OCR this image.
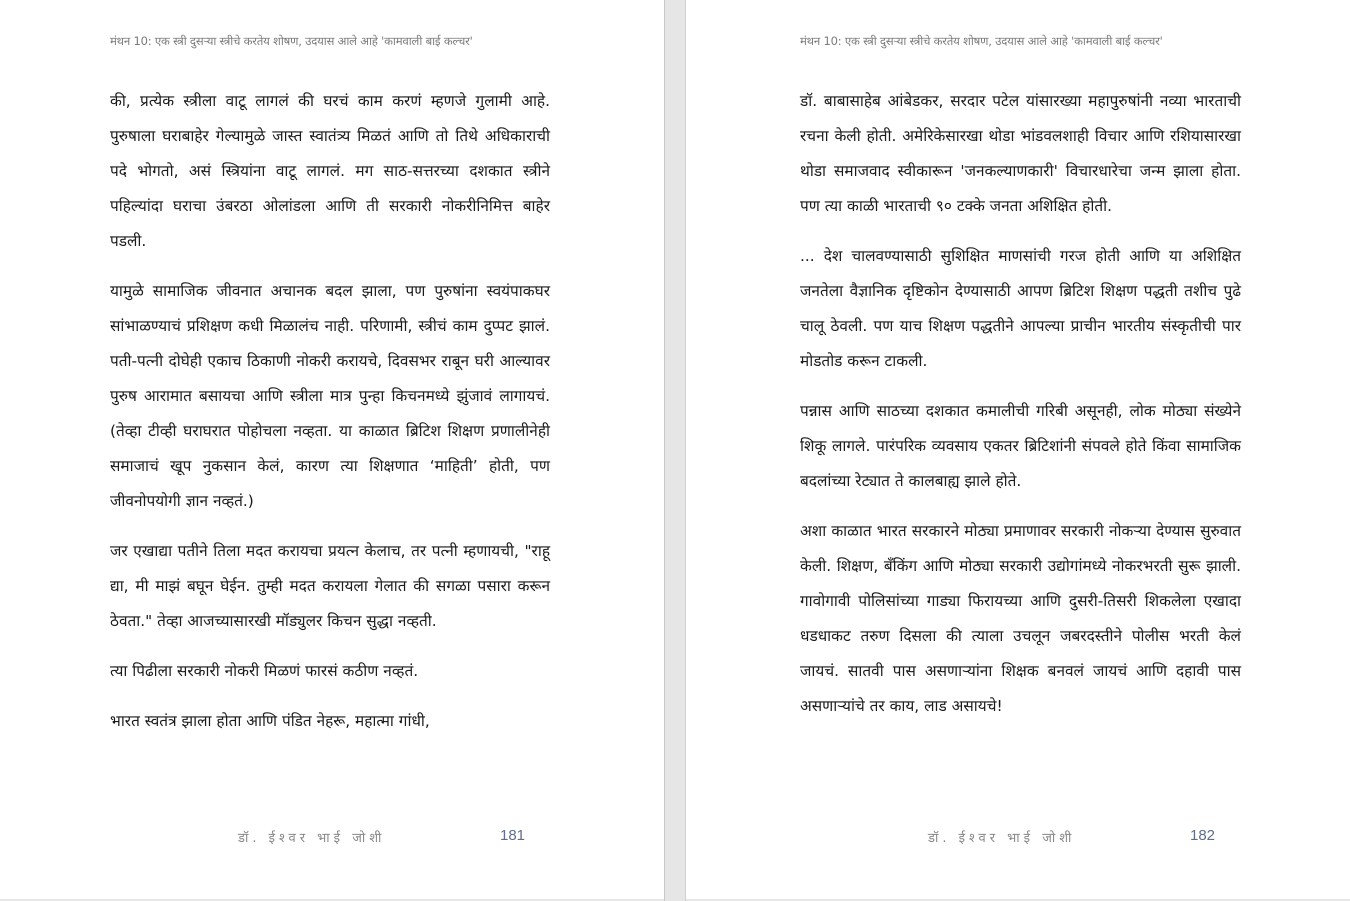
मंथन 10: एक स्त्री दुसऱ्या स्त्रीचे करतेय शोषण, उदयास आले आहे 'कामवाली बाई कल्चर'

की, प्रत्येक स्त्रीला वाटू लागलं की घरचं काम करणं म्हणजे गुलामी आहे. पुरुषाला घराबाहेर गेल्यामुळे जास्त स्वातंत्र्य मिळतं आणि तो तिथे अधिकाराची पदे भोगतो, असं स्त्रियांना वाटू लागलं. मग साठ-सत्तरच्या दशकात स्त्रीने पहिल्यांदा घराचा उंबरठा ओलांडला आणि ती सरकारी नोकरीनिमित्त बाहेर पडली.

यामुळे सामाजिक जीवनात अचानक बदल झाला, पण पुरुषांना स्वयंपाकघर सांभाळण्याचं प्रशिक्षण कधी मिळालंच नाही. परिणामी, स्त्रीचं काम दुप्पट झालं. पती-पत्नी दोघेही एकाच ठिकाणी नोकरी करायचे, दिवसभर राबून घरी आल्यावर पुरुष आरामात बसायचा आणि स्त्रीला मात्र पुन्हा किचनमध्ये झुंजावं लागायचं. (तेव्हा टीव्ही घराघरात पोहोचला नव्हता. या काळात ब्रिटिश शिक्षण प्रणालीनेही समाजाचं खूप नुकसान केलं, कारण त्या शिक्षणात ‘माहिती’ होती, पण जीवनोपयोगी ज्ञान नव्हतं.)

जर एखाद्या पतीने तिला मदत करायचा प्रयत्न केलाच, तर पत्नी म्हणायची, "राहू द्या, मी माझं बघून घेईन. तुम्ही मदत करायला गेलात की सगळा पसारा करून ठेवता." तेव्हा आजच्यासारखी मॉड्युलर किचन सुद्धा नव्हती.

त्या पिढीला सरकारी नोकरी मिळणं फारसं कठीण नव्हतं.

भारत स्वतंत्र झाला होता आणि पंडित नेहरू, महात्मा गांधी,

डॉ. ईश्वर भाई जोशी	181
मंथन 10: एक स्त्री दुसऱ्या स्त्रीचे करतेय शोषण, उदयास आले आहे 'कामवाली बाई कल्चर'

डॉ. बाबासाहेब आंबेडकर, सरदार पटेल यांसारख्या महापुरुषांनी नव्या भारताची रचना केली होती. अमेरिकेसारखा थोडा भांडवलशाही विचार आणि रशियासारखा थोडा समाजवाद स्वीकारून 'जनकल्याणकारी' विचारधारेचा जन्म झाला होता. पण त्या काळी भारताची ९० टक्के जनता अशिक्षित होती.

... देश चालवण्यासाठी सुशिक्षित माणसांची गरज होती आणि या अशिक्षित जनतेला वैज्ञानिक दृष्टिकोन देण्यासाठी आपण ब्रिटिश शिक्षण पद्धती तशीच पुढे चालू ठेवली. पण याच शिक्षण पद्धतीने आपल्या प्राचीन भारतीय संस्कृतीची पार मोडतोड करून टाकली.

पन्नास आणि साठच्या दशकात कमालीची गरिबी असूनही, लोक मोठ्या संख्येने शिकू लागले. पारंपरिक व्यवसाय एकतर ब्रिटिशांनी संपवले होते किंवा सामाजिक बदलांच्या रेट्यात ते कालबाह्य झाले होते.

अशा काळात भारत सरकारने मोठ्या प्रमाणावर सरकारी नोकऱ्या देण्यास सुरुवात केली. शिक्षण, बँकिंग आणि मोठ्या सरकारी उद्योगांमध्ये नोकरभरती सुरू झाली. गावोगावी पोलिसांच्या गाड्या फिरायच्या आणि दुसरी-तिसरी शिकलेला एखादा धडधाकट तरुण दिसला की त्याला उचलून जबरदस्तीने पोलीस भरती केलं जायचं. सातवी पास असणाऱ्यांना शिक्षक बनवलं जायचं आणि दहावी पास असणाऱ्यांचे तर काय, लाड असायचे!

डॉ. ईश्वर भाई जोशी	182
